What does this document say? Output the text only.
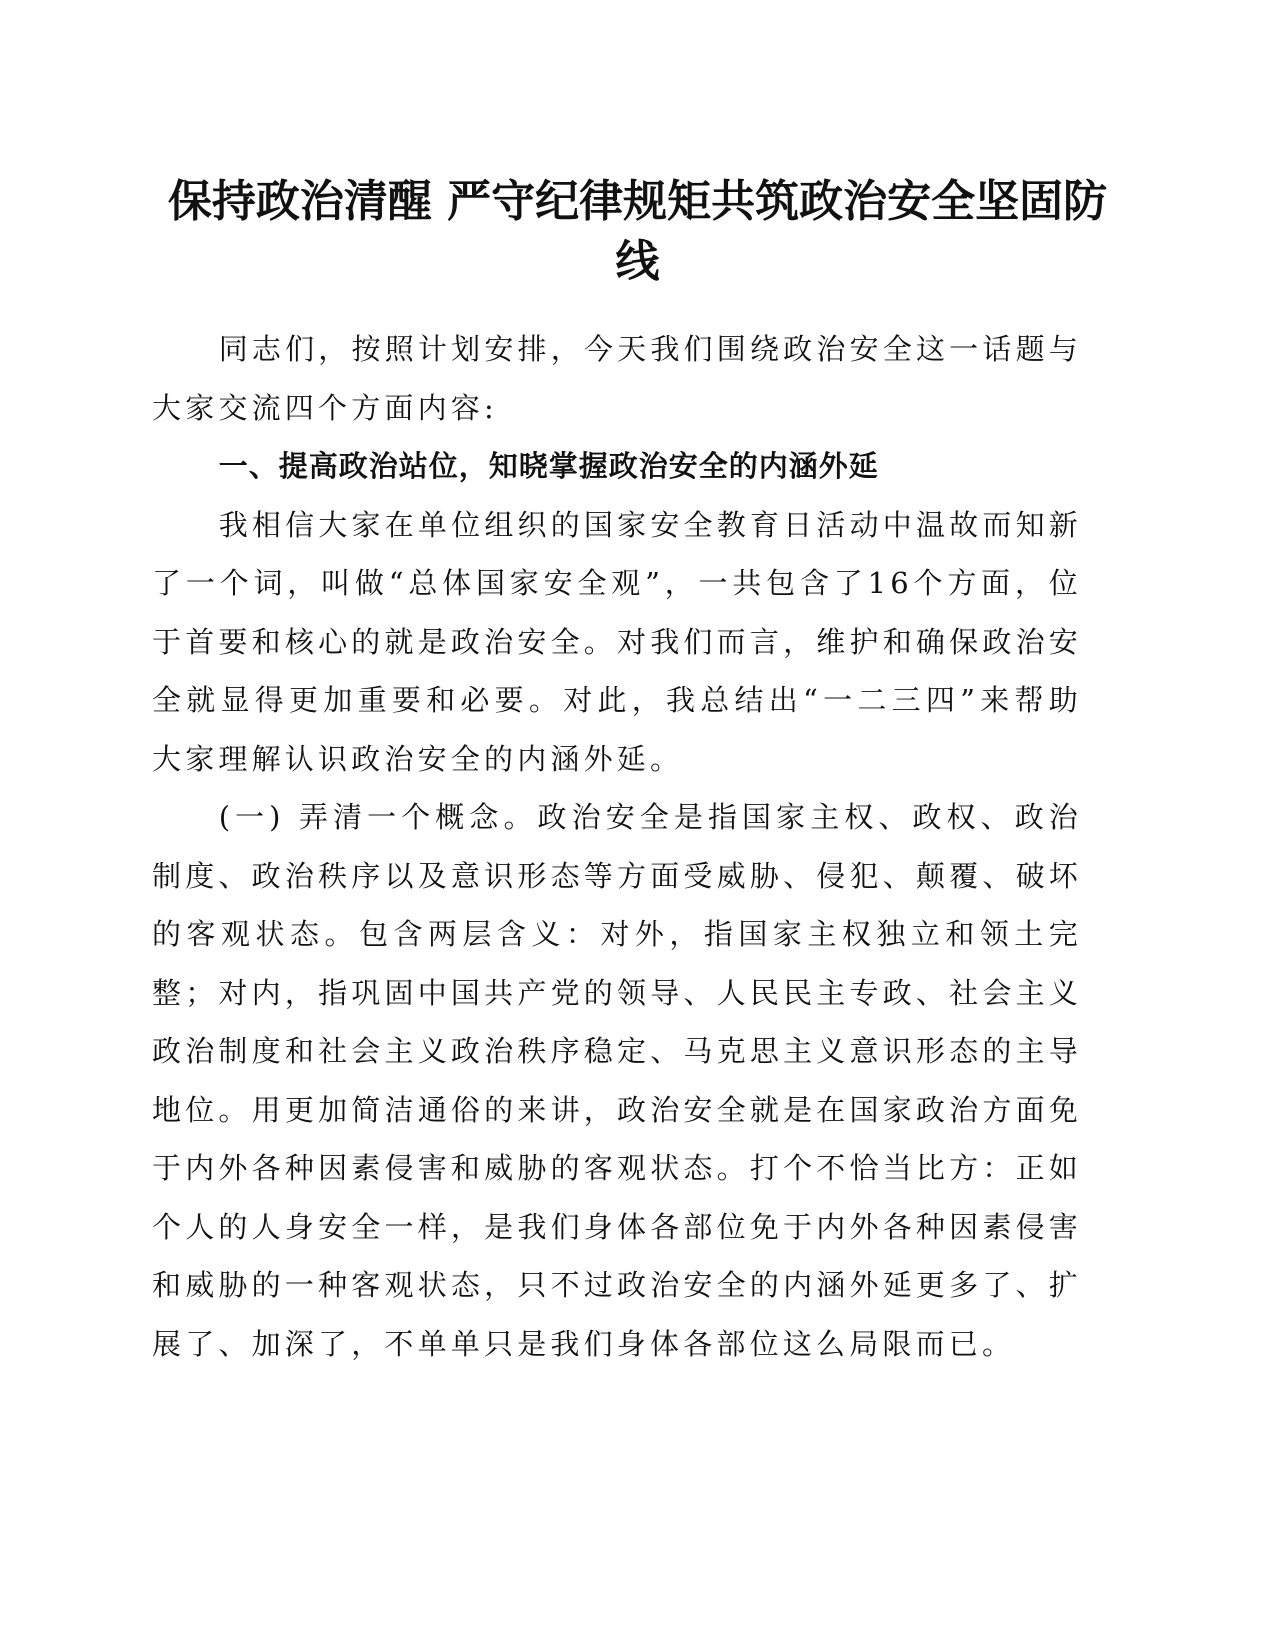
保持政治清醒 严守纪律规矩共筑政治安全坚固防线

同志们，按照计划安排，今天我们围绕政治安全这一话题与大家交流四个方面内容:

一、提高政治站位，知晓掌握政治安全的内涵外延

我相信大家在单位组织的国家安全教育日活动中温故而知新了一个词，叫做“总体国家安全观”，一共包含了16个方面，位于首要和核心的就是政治安全。对我们而言，维护和确保政治安全就显得更加重要和必要。对此，我总结出“一二三四”来帮助大家理解认识政治安全的内涵外延。

(一) 弄清一个概念。政治安全是指国家主权、政权、政治制度、政治秩序以及意识形态等方面受威胁、侵犯、颠覆、破坏的客观状态。包含两层含义：对外，指国家主权独立和领土完整；对内，指巩固中国共产党的领导、人民民主专政、社会主义政治制度和社会主义政治秩序稳定、马克思主义意识形态的主导地位。用更加简洁通俗的来讲，政治安全就是在国家政治方面免于内外各种因素侵害和威胁的客观状态。打个不恰当比方：正如个人的人身安全一样，是我们身体各部位免于内外各种因素侵害和威胁的一种客观状态，只不过政治安全的内涵外延更多了、扩展了、加深了，不单单只是我们身体各部位这么局限而已。
